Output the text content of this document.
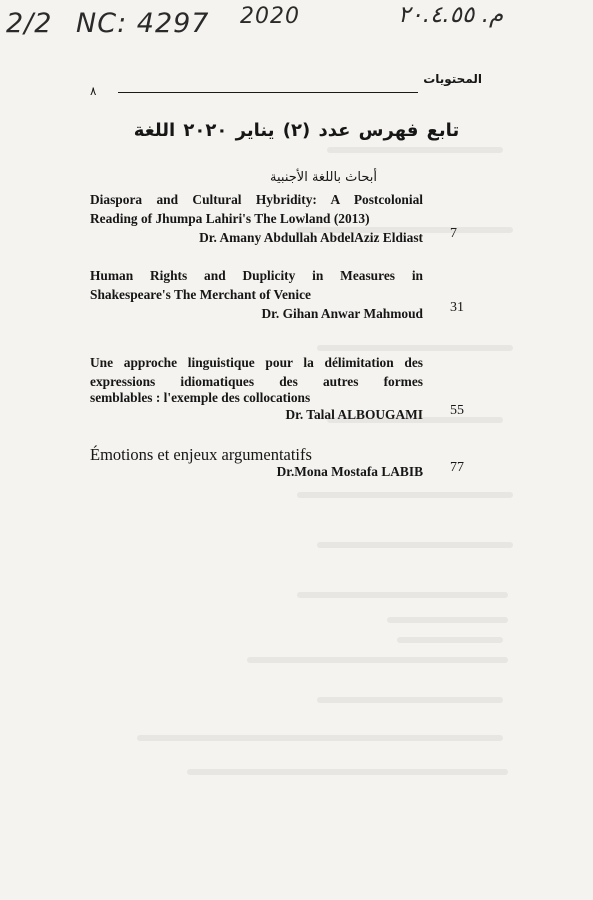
2/2 NC: 4297 2020	م. ٢٠.٤.٥٥
٨
المحتويات
تابع فهرس عدد (٢) يناير ٢٠٢٠ اللغة
أبحاث باللغة الأجنبية
Diaspora and Cultural Hybridity: A Postcolonial
Reading of Jhumpa Lahiri's The Lowland (2013)
Dr. Amany Abdullah AbdelAziz Eldiast 7
Human Rights and Duplicity in Measures in
Shakespeare's The Merchant of Venice
Dr. Gihan Anwar Mahmoud 31
Une approche linguistique pour la délimitation des
expressions idiomatiques des autres formes
semblables : l'exemple des collocations
Dr. Talal ALBOUGAMI 55
Émotions et enjeux argumentatifs
Dr.Mona Mostafa LABIB 77
